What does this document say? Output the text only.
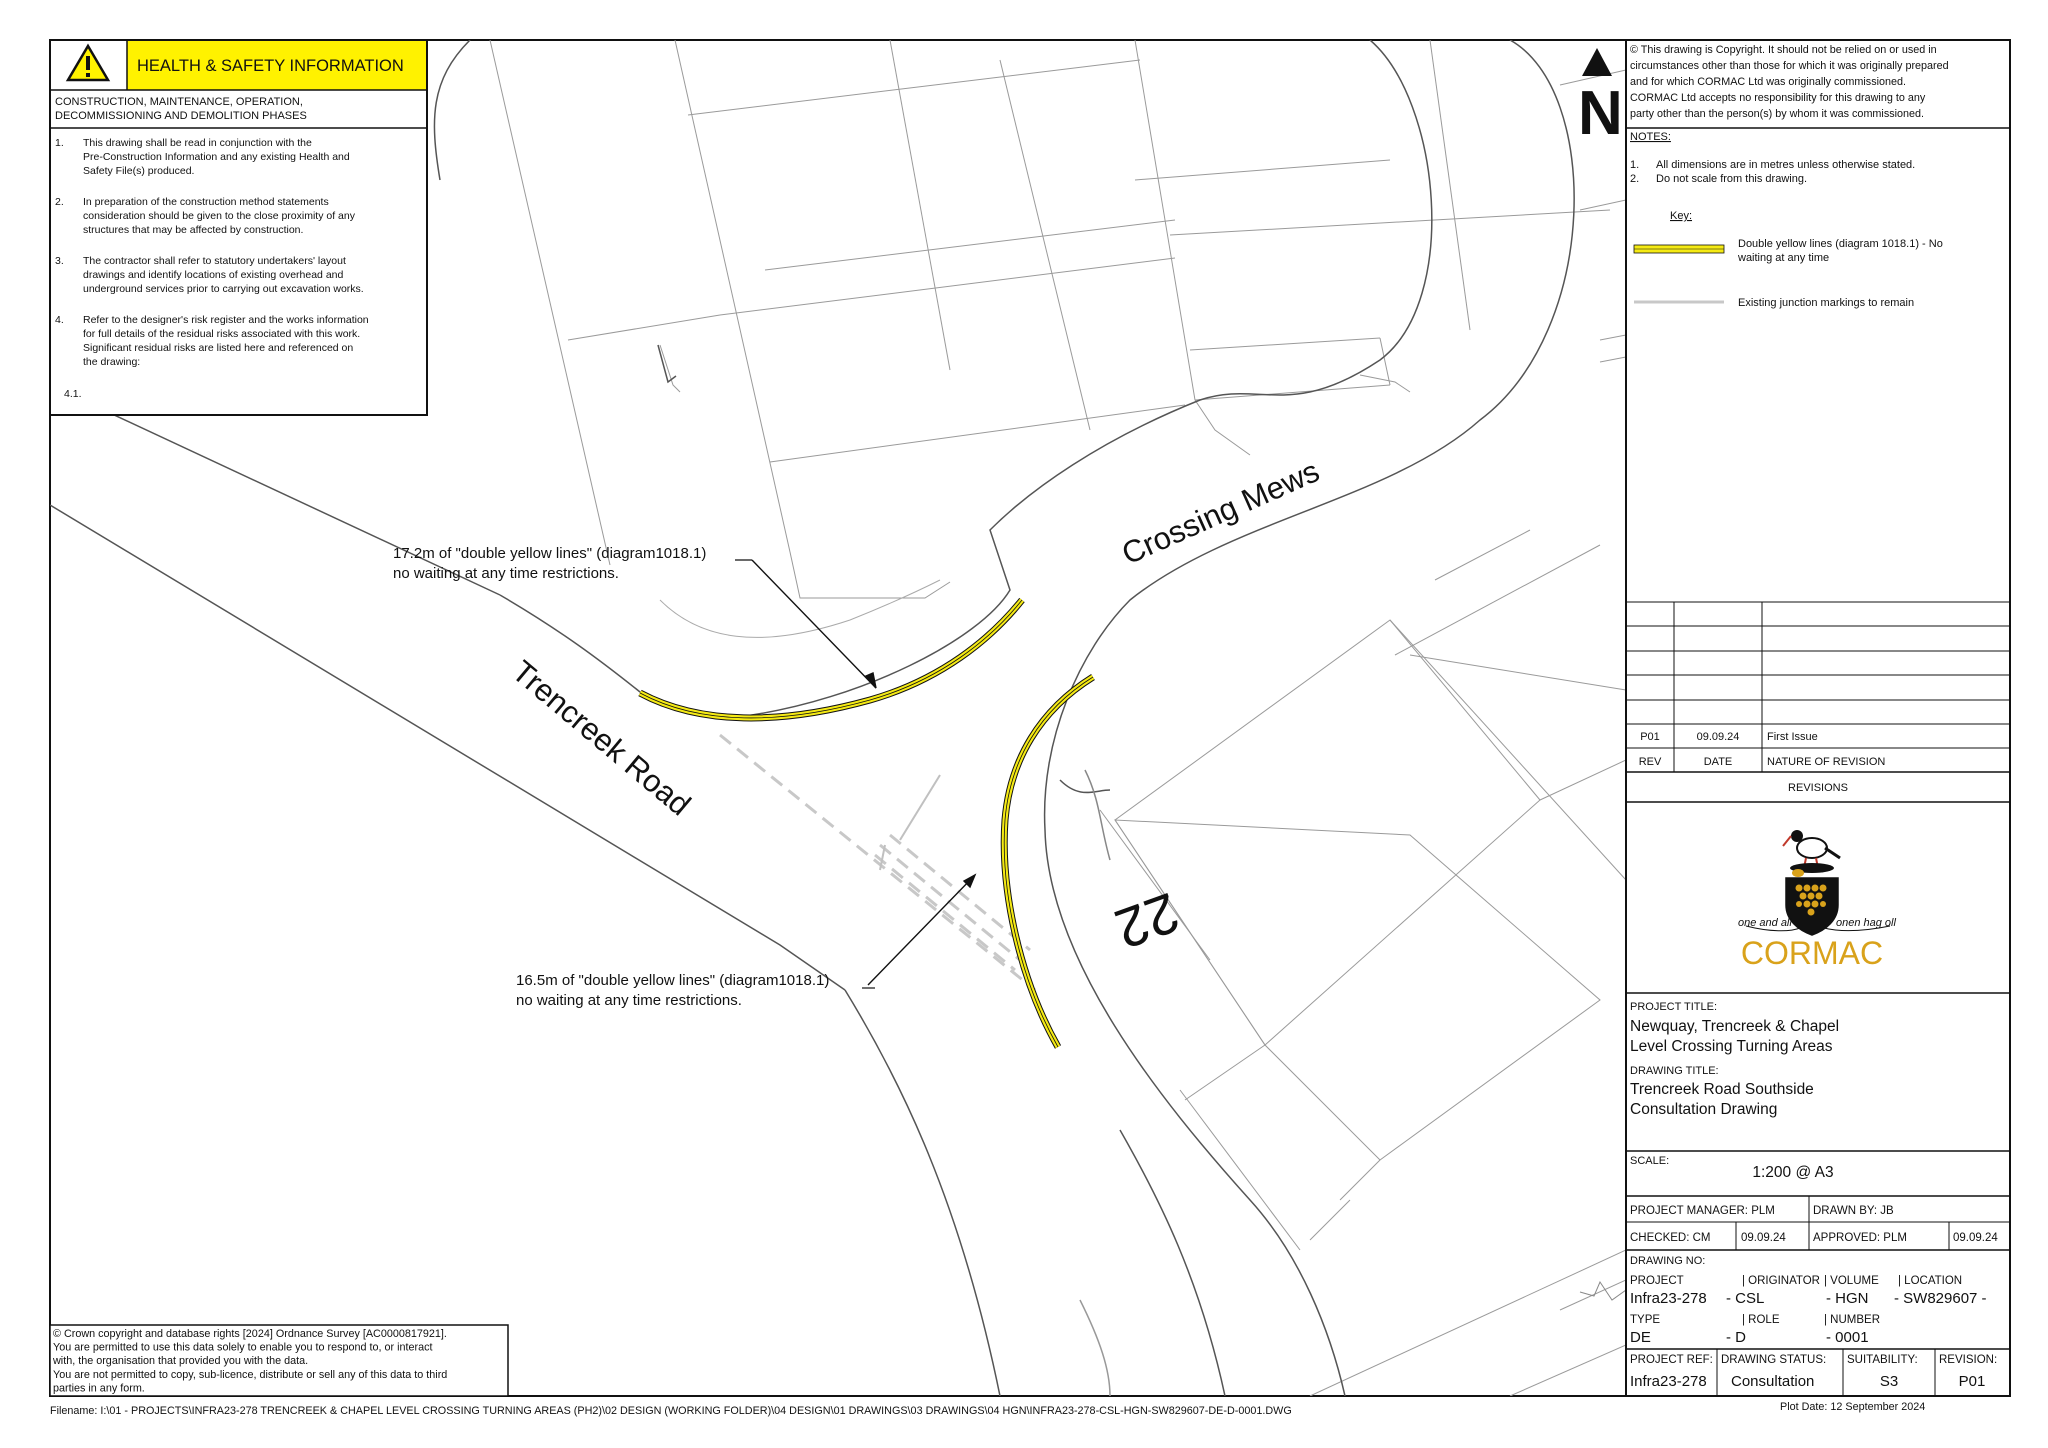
Crossing Mews
Trencreek Road
22
17.2m of "double yellow lines" (diagram1018.1) no waiting at any time restrictions.
16.5m of "double yellow lines" (diagram1018.1) no waiting at any time restrictions.
HEALTH & SAFETY INFORMATION
CONSTRUCTION, MAINTENANCE, OPERATION, DECOMMISSIONING AND DEMOLITION PHASES
1. This drawing shall be read in conjunction with the
Pre-Construction Information and any existing Health and
Safety File(s) produced.
2. In preparation of the construction method statements
consideration should be given to the close proximity of any
structures that may be affected by construction.
3. The contractor shall refer to statutory undertakers' layout
drawings and identify locations of existing overhead and
underground services prior to carrying out excavation works.
4. Refer to the designer's risk register and the works information
for full details of the residual risks associated with this work.
Significant residual risks are listed here and referenced on
the drawing:
4.1.
© Crown copyright and database rights [2024] Ordnance Survey [AC0000817921].
You are permitted to use this data solely to enable you to respond to, or interact
with, the organisation that provided you with the data.
You are not permitted to copy, sub-licence, distribute or sell any of this data to third
parties in any form.
N
© This drawing is Copyright. It should not be relied on or used in
circumstances other than those for which it was originally prepared
and for which CORMAC Ltd was originally commissioned.
CORMAC Ltd accepts no responsibility for this drawing to any
party other than the person(s) by whom it was commissioned.
NOTES:
1. All dimensions are in metres unless otherwise stated.
2. Do not scale from this drawing.
Key:
Double yellow lines (diagram 1018.1) - No
waiting at any time
Existing junction markings to remain
P01	09.09.24	First Issue
REV	DATE	NATURE OF REVISION
REVISIONS
one and all	onen hag oll
CORMAC
PROJECT TITLE:
Newquay, Trencreek & Chapel Level Crossing Turning Areas
DRAWING TITLE:
Trencreek Road Southside Consultation Drawing
SCALE:
1:200 @ A3
PROJECT MANAGER: PLM	DRAWN BY: JB
CHECKED: CM	09.09.24 APPROVED: PLM	09.09.24
DRAWING NO:
PROJECT	| ORIGINATOR | VOLUME | LOCATION
Infra23-278 - CSL	- HGN - SW829607 -
TYPE	| ROLE	| NUMBER
DE	- D	- 0001
PROJECT REF:
Infra23-278
DRAWING STATUS:
Consultation
SUITABILITY:
S3
REVISION:
P01
Filename: I:\01 - PROJECTS\INFRA23-278 TRENCREEK & CHAPEL LEVEL CROSSING TURNING AREAS (PH2)\02 DESIGN (WORKING FOLDER)\04 DESIGN\01 DRAWINGS\03 DRAWINGS\04 HGN\INFRA23-278-CSL-HGN-SW829607-DE-D-0001.DWG	Plot Date: 12 September 2024
